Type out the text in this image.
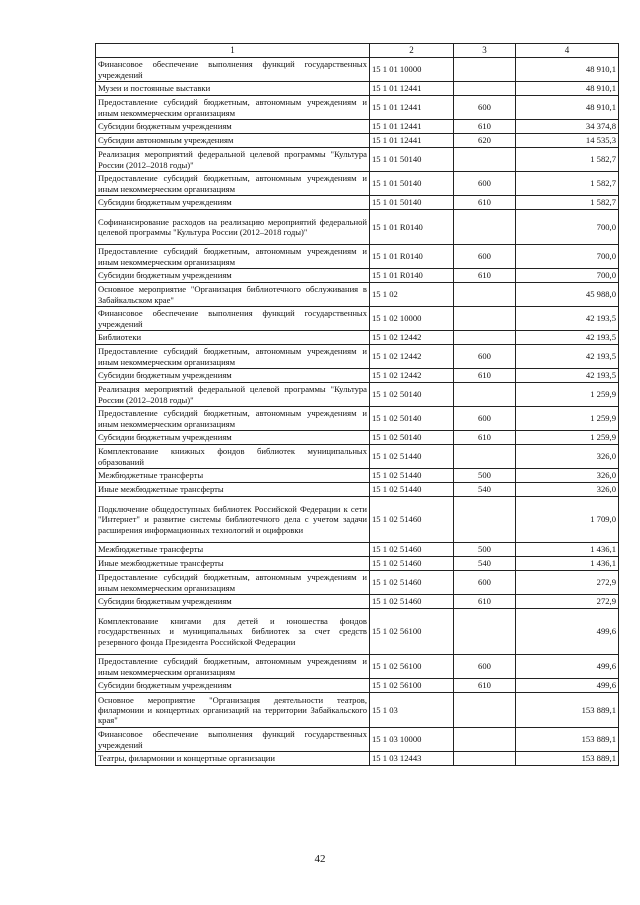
1	2	3	4
Финансовое обеспечение выполнения функций государственных учреждений	15 1 01 10000		48 910,1
Музеи и постоянные выставки	15 1 01 12441		48 910,1
Предоставление субсидий бюджетным, автономным учреждениям и иным некоммерческим организациям	15 1 01 12441	600	48 910,1
Субсидии бюджетным учреждениям	15 1 01 12441	610	34 374,8
Субсидии автономным учреждениям	15 1 01 12441	620	14 535,3
Реализация мероприятий федеральной целевой программы "Культура России (2012–2018 годы)"	15 1 01 50140		1 582,7
Предоставление субсидий бюджетным, автономным учреждениям и иным некоммерческим организациям	15 1 01 50140	600	1 582,7
Субсидии бюджетным учреждениям	15 1 01 50140	610	1 582,7
Софинансирование расходов на реализацию мероприятий федеральной целевой программы "Культура России (2012–2018 годы)"	15 1 01 R0140		700,0
Предоставление субсидий бюджетным, автономным учреждениям и иным некоммерческим организациям	15 1 01 R0140	600	700,0
Субсидии бюджетным учреждениям	15 1 01 R0140	610	700,0
Основное мероприятие "Организация библиотечного обслуживания в Забайкальском крае"	15 1 02		45 988,0
Финансовое обеспечение выполнения функций государственных учреждений	15 1 02 10000		42 193,5
Библиотеки	15 1 02 12442		42 193,5
Предоставление субсидий бюджетным, автономным учреждениям и иным некоммерческим организациям	15 1 02 12442	600	42 193,5
Субсидии бюджетным учреждениям	15 1 02 12442	610	42 193,5
Реализация мероприятий федеральной целевой программы "Культура России (2012–2018 годы)"	15 1 02 50140		1 259,9
Предоставление субсидий бюджетным, автономным учреждениям и иным некоммерческим организациям	15 1 02 50140	600	1 259,9
Субсидии бюджетным учреждениям	15 1 02 50140	610	1 259,9
Комплектование книжных фондов библиотек муниципальных образований	15 1 02 51440		326,0
Межбюджетные трансферты	15 1 02 51440	500	326,0
Иные межбюджетные трансферты	15 1 02 51440	540	326,0
Подключение общедоступных библиотек Российской Федерации к сети "Интернет" и развитие системы библиотечного дела с учетом задачи расширения информационных технологий и оцифровки	15 1 02 51460		1 709,0
Межбюджетные трансферты	15 1 02 51460	500	1 436,1
Иные межбюджетные трансферты	15 1 02 51460	540	1 436,1
Предоставление субсидий бюджетным, автономным учреждениям и иным некоммерческим организациям	15 1 02 51460	600	272,9
Субсидии бюджетным учреждениям	15 1 02 51460	610	272,9
Комплектование книгами для детей и юношества фондов государственных и муниципальных библиотек за счет средств резервного фонда Президента Российской Федерации	15 1 02 56100		499,6
Предоставление субсидий бюджетным, автономным учреждениям и иным некоммерческим организациям	15 1 02 56100	600	499,6
Субсидии бюджетным учреждениям	15 1 02 56100	610	499,6
Основное мероприятие "Организация деятельности театров, филармонии и концертных организаций на территории Забайкальского края"	15 1 03		153 889,1
Финансовое обеспечение выполнения функций государственных учреждений	15 1 03 10000		153 889,1
Театры, филармонии и концертные организации	15 1 03 12443		153 889,1
42
